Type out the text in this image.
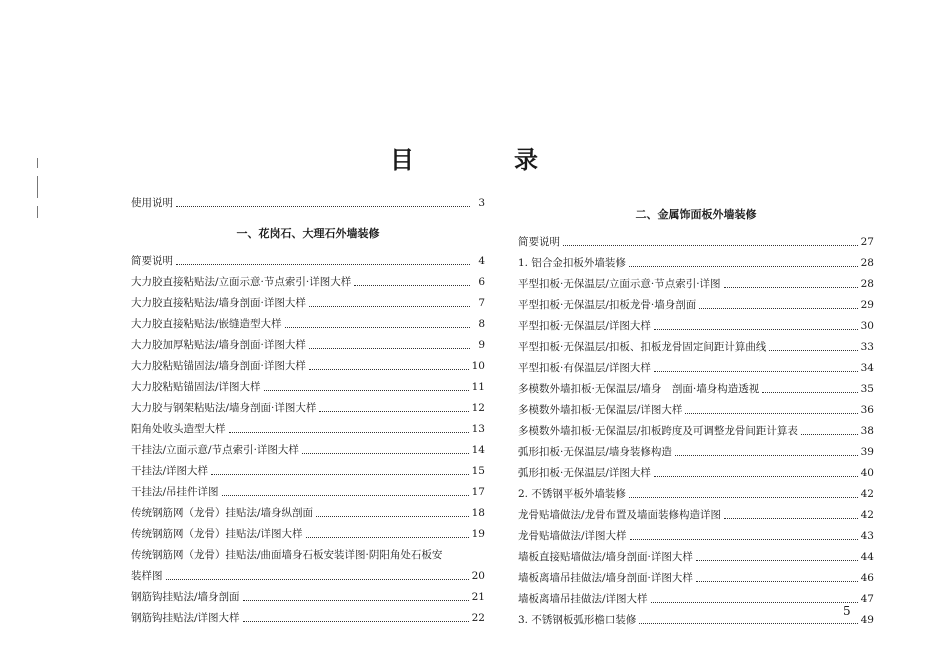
目　录
使用说明	3
一、花岗石、大理石外墙装修
简要说明	4
大力胶直接粘贴法/立面示意·节点索引·详图大样	6
大力胶直接粘贴法/墙身剖面·详图大样	7
大力胶直接粘贴法/嵌缝造型大样	8
大力胶加厚粘贴法/墙身剖面·详图大样	9
大力胶粘贴锚固法/墙身剖面·详图大样	10
大力胶粘贴锚固法/详图大样	11
大力胶与钢架粘贴法/墙身剖面·详图大样	12
阳角处收头造型大样	13
干挂法/立面示意/节点索引·详图大样	14
干挂法/详图大样	15
干挂法/吊挂件详图	17
传统钢筋网（龙骨）挂贴法/墙身纵剖面	18
传统钢筋网（龙骨）挂贴法/详图大样	19
传统钢筋网（龙骨）挂贴法/曲面墙身石板安装详图·阴阳角处石板安
装样图	20
钢筋钩挂贴法/墙身剖面	21
钢筋钩挂贴法/详图大样	22
二、金属饰面板外墙装修
简要说明	27
1. 铝合金扣板外墙装修	28
平型扣板·无保温层/立面示意·节点索引·详图	28
平型扣板·无保温层/扣板龙骨·墙身剖面	29
平型扣板·无保温层/详图大样	30
平型扣板·无保温层/扣板、扣板龙骨固定间距计算曲线	33
平型扣板·有保温层/详图大样	34
多模数外墙扣板·无保温层/墙身　剖面·墙身构造透视	35
多模数外墙扣板·无保温层/详图大样	36
多模数外墙扣板·无保温层/扣板跨度及可调整龙骨间距计算表	38
弧形扣板·无保温层/墙身装修构造	39
弧形扣板·无保温层/详图大样	40
2. 不锈钢平板外墙装修	42
龙骨贴墙做法/龙骨布置及墙面装修构造详图	42
龙骨贴墙做法/详图大样	43
墙板直接贴墙做法/墙身剖面·详图大样	44
墙板离墙吊挂做法/墙身剖面·详图大样	46
墙板离墙吊挂做法/详图大样	47
3. 不锈钢板弧形檐口装修	49
5
